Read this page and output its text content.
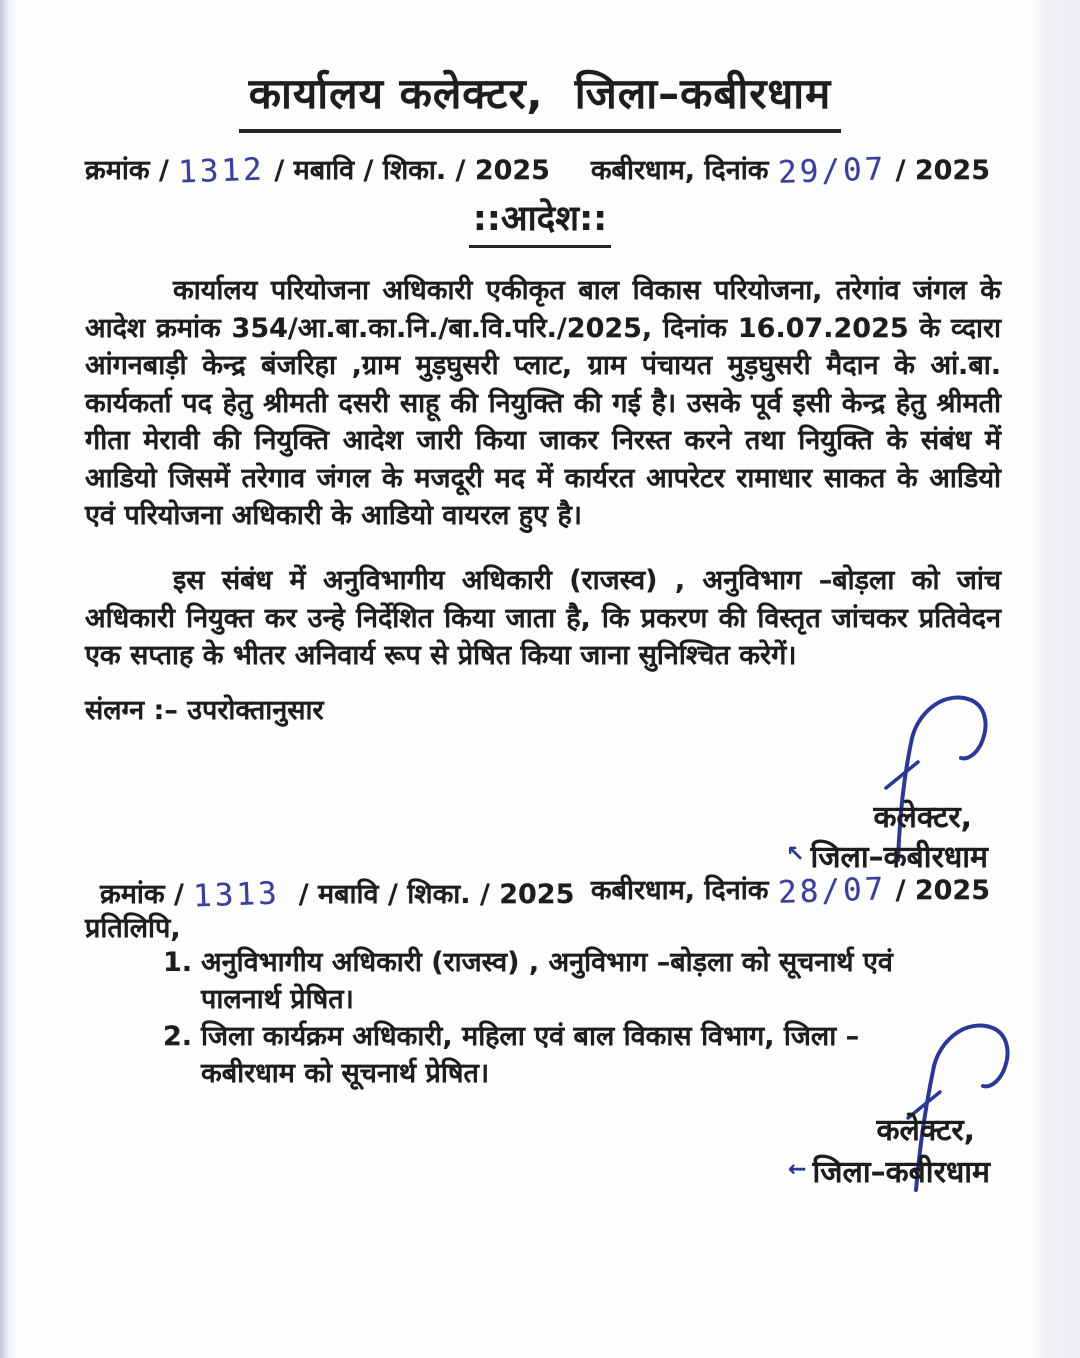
कार्यालय कलेक्टर,  जिला–कबीरधाम
क्रमांक / 1312 / मबावि / शिका. / 2025 कबीरधाम, दिनांक 29/07 / 2025
::आदेश::

कार्यालय परियोजना अधिकारी एकीकृत बाल विकास परियोजना, तरेगांव जंगल के आदेश क्रमांक 354/आ.बा.का.नि./बा.वि.परि./2025, दिनांक 16.07.2025 के व्दारा आंगनबाड़ी केन्द्र बंजरिहा ,ग्राम मुड़घुसरी प्लाट, ग्राम पंचायत मुड़घुसरी मैदान के आं.बा. कार्यकर्ता पद हेतु श्रीमती दसरी साहू की नियुक्ति की गई है। उसके पूर्व इसी केन्द्र हेतु श्रीमती गीता मेरावी की नियुक्ति आदेश जारी किया जाकर निरस्त करने तथा नियुक्ति के संबंध में आडियो जिसमें तरेगाव जंगल के मजदूरी मद में कार्यरत आपरेटर रामाधार साकत के आडियो एवं परियोजना अधिकारी के आडियो वायरल हुए है।

इस संबंध में अनुविभागीय अधिकारी (राजस्व) , अनुविभाग –बोड़ला को जांच अधिकारी नियुक्त कर उन्हे निर्देशित किया जाता है, कि प्रकरण की विस्तृत जांचकर प्रतिवेदन एक सप्ताह के भीतर अनिवार्य रूप से प्रेषित किया जाना सुनिश्चित करेगें।

संलग्न :– उपरोक्तानुसार
कलेक्टर,
↖ जिला–कबीरधाम
क्रमांक / 1313  / मबावि / शिका. / 2025 कबीरधाम, दिनांक 28/07 / 2025
प्रतिलिपि,
1. अनुविभागीय अधिकारी (राजस्व) , अनुविभाग –बोड़ला को सूचनार्थ एवं पालनार्थ प्रेषित।
2. जिला कार्यक्रम अधिकारी, महिला एवं बाल विकास विभाग, जिला – कबीरधाम को सूचनार्थ प्रेषित।
कलेक्टर,
← जिला–कबीरधाम
